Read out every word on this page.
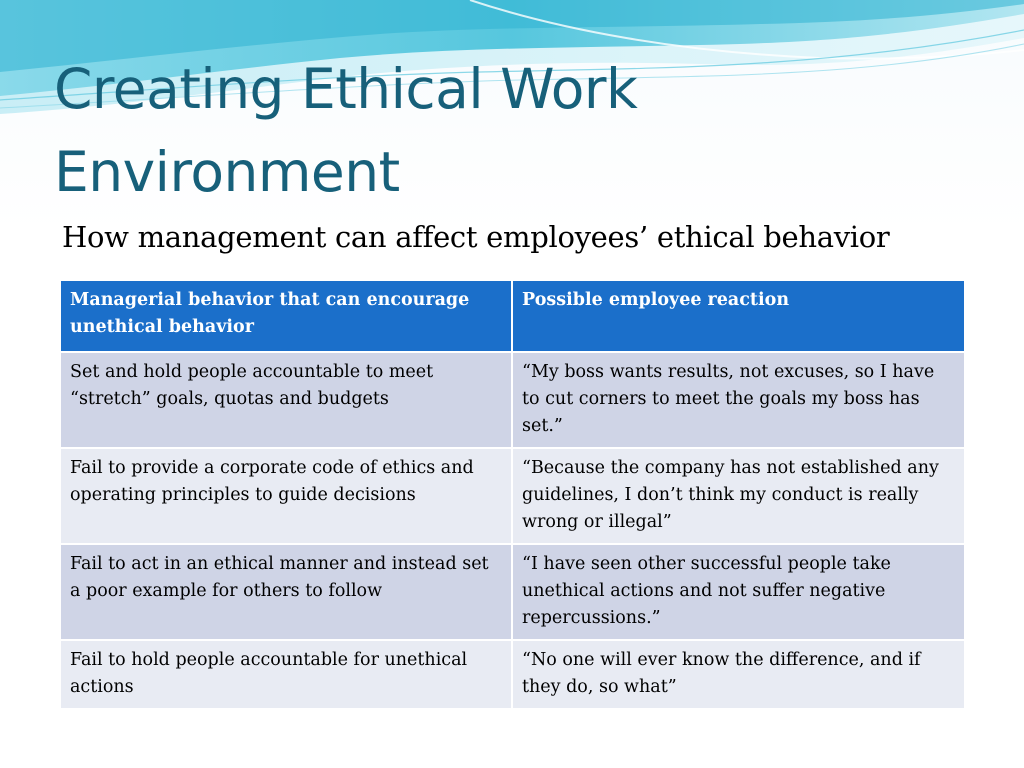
Creating Ethical Work Environment

How management can affect employees’ ethical behavior

Managerial behavior that can encourage unethical behavior	Possible employee reaction
Set and hold people accountable to meet “stretch” goals, quotas and budgets	“My boss wants results, not excuses, so I have to cut corners to meet the goals my boss has set.”
Fail to provide a corporate code of ethics and operating principles to guide decisions	“Because the company has not established any guidelines, I don’t think my conduct is really wrong or illegal”
Fail to act in an ethical manner and instead set a poor example for others to follow	“I have seen other successful people take unethical actions and not suffer negative repercussions.”
Fail to hold people accountable for unethical actions	“No one will ever know the difference, and if they do, so what”
